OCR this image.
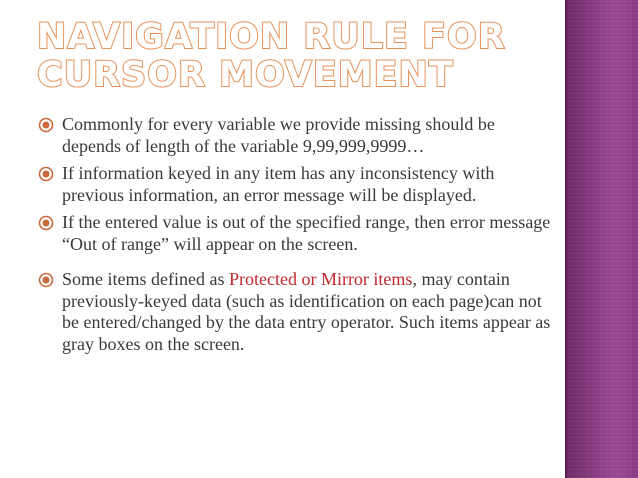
NAVIGATION RULE FOR
CURSOR MOVEMENT
Commonly for every variable we provide missing should be depends of length of the variable 9,99,999,9999…
If information keyed in any item has any inconsistency with previous information, an error message will be displayed.
If the entered value is out of the specified range, then error message “Out of range” will appear on the screen.
Some items defined as Protected or Mirror items, may contain previously-keyed data (such as identification on each page)can not be entered/changed by the data entry operator. Such items appear as gray boxes on the screen.
